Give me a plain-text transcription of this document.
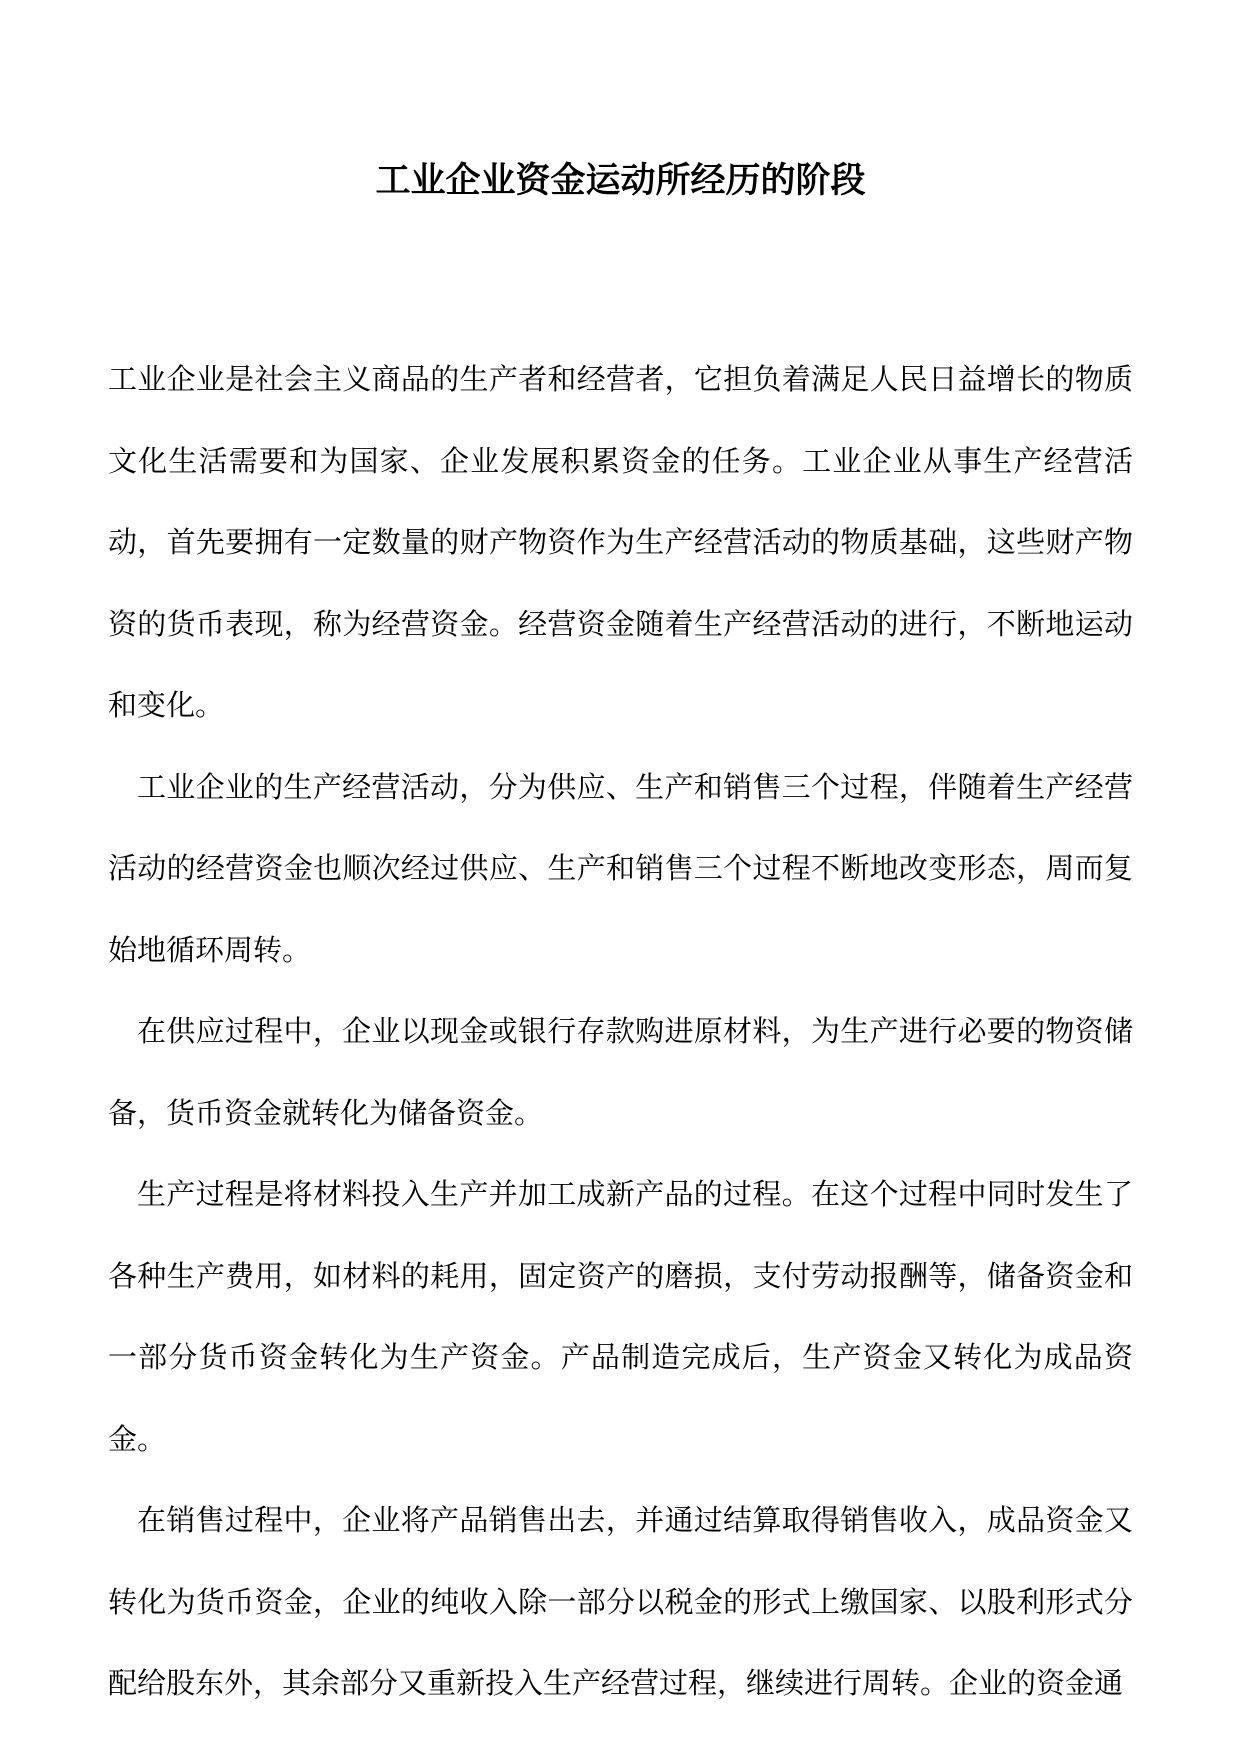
工业企业资金运动所经历的阶段

工业企业是社会主义商品的生产者和经营者，它担负着满足人民日益增长的物质文化生活需要和为国家、企业发展积累资金的任务。工业企业从事生产经营活动，首先要拥有一定数量的财产物资作为生产经营活动的物质基础，这些财产物资的货币表现，称为经营资金。经营资金随着生产经营活动的进行，不断地运动和变化。

工业企业的生产经营活动，分为供应、生产和销售三个过程，伴随着生产经营活动的经营资金也顺次经过供应、生产和销售三个过程不断地改变形态，周而复始地循环周转。

在供应过程中，企业以现金或银行存款购进原材料，为生产进行必要的物资储备，货币资金就转化为储备资金。

生产过程是将材料投入生产并加工成新产品的过程。在这个过程中同时发生了各种生产费用，如材料的耗用，固定资产的磨损，支付劳动报酬等，储备资金和一部分货币资金转化为生产资金。产品制造完成后，生产资金又转化为成品资金。

在销售过程中，企业将产品销售出去，并通过结算取得销售收入，成品资金又转化为货币资金，企业的纯收入除一部分以税金的形式上缴国家、以股利形式分配给股东外，其余部分又重新投入生产经营过程，继续进行周转。企业的资金通
